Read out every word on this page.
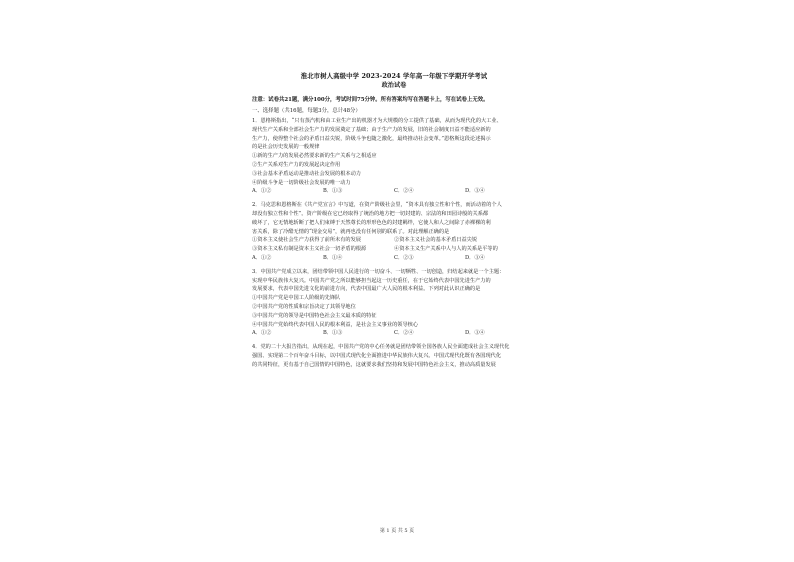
淮北市树人高级中学 2023-2024 学年高一年级下学期开学考试
政治试卷
注意：试卷共21题，满分100分，考试时间75分钟。所有答案均写在答题卡上，写在试卷上无效。
一、选择题（共16题，每题3分，总计48分）

1．恩格斯指出，“只有蒸汽机和由工业生产出的机器才为大规模的分工提供了基础，从而为现代化的大工业、

现代生产关系和全部社会生产力的发展奠定了基础；由于生产力的发展，旧的社会制度日益不能适应新的

生产力，使得整个社会的矛盾日益尖锐，阶级斗争也随之激化，最终推动社会变革。”恩格斯这段论述揭示

的是社会历史发展的一般规律

①新的生产力的发展必然要求新的生产关系与之相适应

②生产关系对生产力的发展起决定作用

③社会基本矛盾运动是推动社会发展的根本动力

④阶级斗争是一切阶级社会发展的唯一动力

A．①②	B．①③	C．②④	D．③④

2．马克思和恩格斯在《共产党宣言》中写道，在资产阶级社会里，“资本具有独立性和个性，而活动着的个人

却没有独立性和个性”。资产阶级在它已经取得了统治的地方把一切封建的、宗法的和田园诗般的关系都

破坏了，它无情地斩断了把人们束缚于天然尊长的形形色色的封建羁绊，它使人和人之间除了赤裸裸的利

害关系，除了冷酷无情的“现金交易”，就再也没有任何别的联系了。对此理解正确的是

①资本主义使社会生产力获得了前所未有的发展	②资本主义社会的基本矛盾日益尖锐
③资本主义私有制是资本主义社会一切矛盾的根源	④资本主义生产关系中人与人的关系是平等的
A．①②	B．①④	C．②③	D．③④

3．中国共产党成立以来，团结带领中国人民进行的一切奋斗、一切牺牲、一切创造，归结起来就是一个主题：

实现中华民族伟大复兴。中国共产党之所以能够担当起这一历史重任，在于它始终代表中国先进生产力的

发展要求，代表中国先进文化的前进方向，代表中国最广大人民的根本利益。下列对此认识正确的是

①中国共产党是中国工人阶级的先锋队

②中国共产党的性质和宗旨决定了其领导地位

③中国共产党的领导是中国特色社会主义最本质的特征

④中国共产党始终代表中国人民的根本利益，是社会主义事业的领导核心

A．①②	B．①③	C．②④	D．③④

4．党的二十大报告指出，从现在起，中国共产党的中心任务就是团结带领全国各族人民全面建成社会主义现代化

强国、实现第二个百年奋斗目标，以中国式现代化全面推进中华民族伟大复兴。中国式现代化既有各国现代化

的共同特征，更有基于自己国情的中国特色，这就要求我们坚持和发展中国特色社会主义，推动高质量发展

第 1 页 共 5 页
